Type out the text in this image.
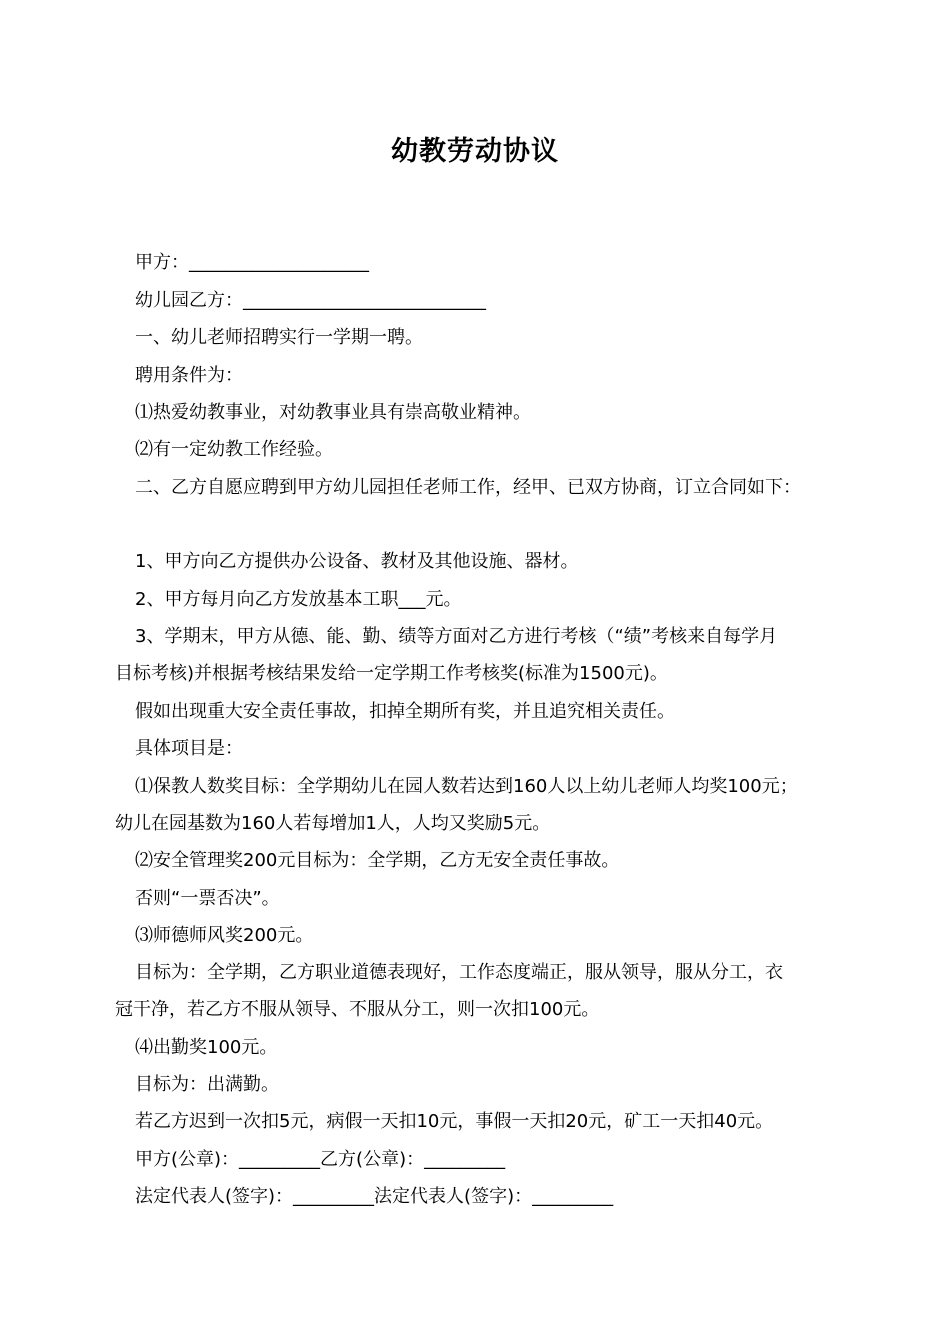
幼教劳动协议
甲方：____________________
幼儿园乙方：___________________________
一、幼儿老师招聘实行一学期一聘。
聘用条件为：
⑴热爱幼教事业，对幼教事业具有崇高敬业精神。
⑵有一定幼教工作经验。
二、乙方自愿应聘到甲方幼儿园担任老师工作，经甲、已双方协商，订立合同如下：
1、甲方向乙方提供办公设备、教材及其他设施、器材。
2、甲方每月向乙方发放基本工职___元。
3、学期末，甲方从德、能、勤、绩等方面对乙方进行考核（“绩”考核来自每学月
目标考核)并根据考核结果发给一定学期工作考核奖(标准为1500元)。
假如出现重大安全责任事故，扣掉全期所有奖，并且追究相关责任。
具体项目是：
⑴保教人数奖目标：全学期幼儿在园人数若达到160人以上幼儿老师人均奖100元；
幼儿在园基数为160人若每增加1人，人均又奖励5元。
⑵安全管理奖200元目标为：全学期，乙方无安全责任事故。
否则“一票否决”。
⑶师德师风奖200元。
目标为：全学期，乙方职业道德表现好，工作态度端正，服从领导，服从分工，衣
冠干净，若乙方不服从领导、不服从分工，则一次扣100元。
⑷出勤奖100元。
目标为：出满勤。
若乙方迟到一次扣5元，病假一天扣10元，事假一天扣20元，矿工一天扣40元。
甲方(公章)：_________乙方(公章)：_________
法定代表人(签字)：_________法定代表人(签字)：_________
